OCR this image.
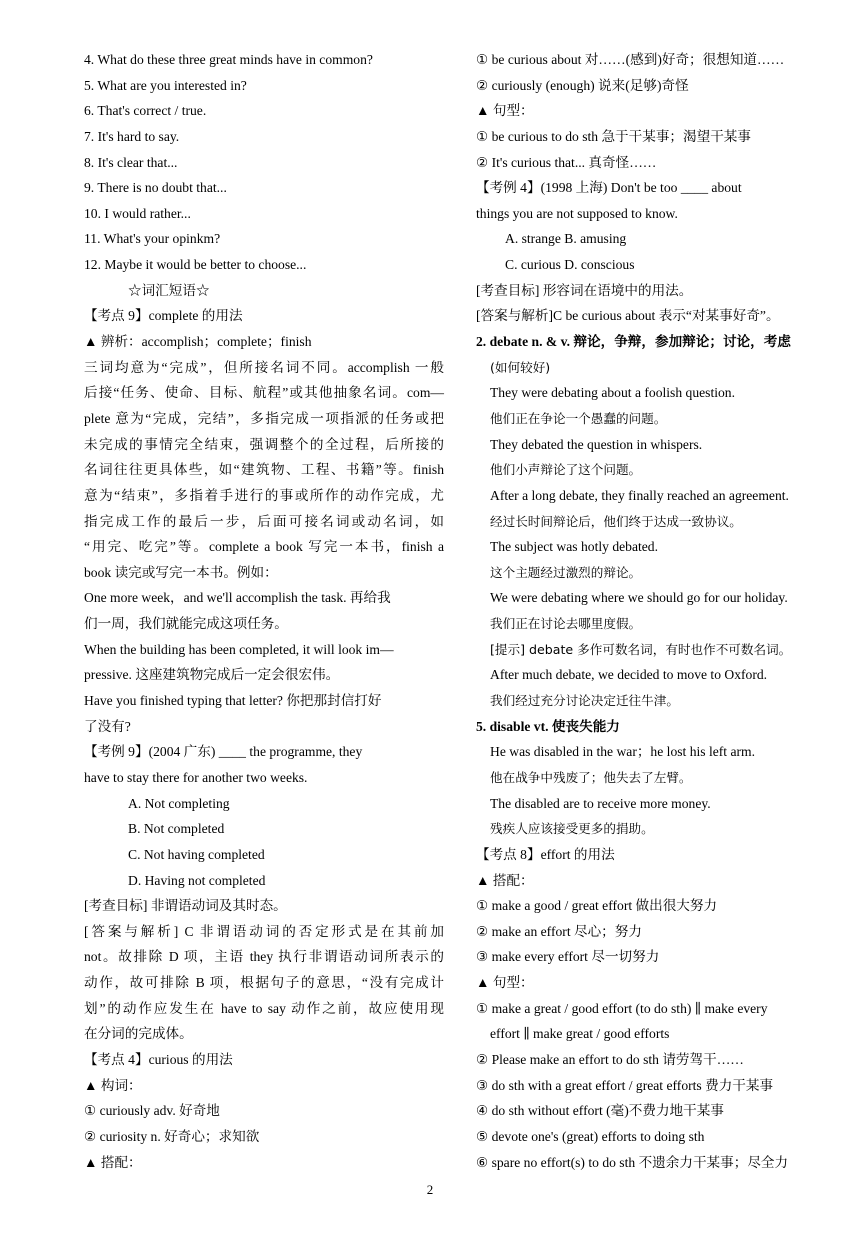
4. What do these three great minds have in common?
5. What are you interested in?
6. That's correct / true.
7. It's hard to say.
8. It's clear that...
9. There is no doubt that...
10. I would rather...
11. What's your opinkm?
12. Maybe it would be better to choose...
☆词汇短语☆
【考点 9】complete 的用法
▲ 辨析：accomplish；complete；finish
三词均意为“完成”，但所接名词不同。accomplish 一般
后接“任务、使命、目标、航程”或其他抽象名词。com—
plete 意为“完成，完结”，多指完成一项指派的任务或把
未完成的事情完全结束，强调整个的全过程，后所接的
名词往往更具体些，如“建筑物、工程、书籍”等。finish
意为“结束”，多指着手进行的事或所作的动作完成，尤
指完成工作的最后一步，后面可接名词或动名词，如
“用完、吃完”等。complete a book 写完一本书，finish a
book 读完或写完一本书。例如：
One more week，and we'll accomplish the task. 再给我
们一周，我们就能完成这项任务。
When the building has been completed, it will look im—
pressive. 这座建筑物完成后一定会很宏伟。
Have you finished typing that letter? 你把那封信打好
了没有?
【考例 9】(2004 广东) ____ the programme, they
have to stay there for another two weeks.
A. Not completing
B. Not completed
C. Not having completed
D. Having not completed
[考查目标] 非谓语动词及其时态。
[答案与解析] C 非谓语动词的否定形式是在其前加
not。故排除 D 项，主语 they 执行非谓语动词所表示的
动作，故可排除 B 项，根据句子的意思，“没有完成计
划”的动作应发生在 have to say 动作之前，故应使用现
在分词的完成体。
【考点 4】curious 的用法
▲ 构词：
① curiously adv. 好奇地
② curiosity n. 好奇心；求知欲
▲ 搭配：
① be curious about 对……(感到)好奇；很想知道……
② curiously (enough) 说来(足够)奇怪
▲ 句型：
① be curious to do sth 急于干某事；渴望干某事
② It's curious that... 真奇怪……
【考例 4】(1998 上海) Don't be too ____ about
things you are not supposed to know.
A. strange B. amusing
C. curious D. conscious
[考查目标] 形容词在语境中的用法。
[答案与解析]C be curious about 表示“对某事好奇”。
2. debate n. & v. 辩论，争辩，参加辩论；讨论，考虑
(如何较好)
They were debating about a foolish question.
他们正在争论一个愚蠢的问题。
They debated the question in whispers.
他们小声辩论了这个问题。
After a long debate, they finally reached an agreement.
经过长时间辩论后，他们终于达成一致协议。
The subject was hotly debated.
这个主题经过激烈的辩论。
We were debating where we should go for our holiday.
我们正在讨论去哪里度假。
[提示] debate 多作可数名词，有时也作不可数名词。
After much debate, we decided to move to Oxford.
我们经过充分讨论决定迁往牛津。
5. disable vt. 使丧失能力
He was disabled in the war；he lost his left arm.
他在战争中残废了；他失去了左臂。
The disabled are to receive more money.
残疾人应该接受更多的捐助。
【考点 8】effort 的用法
▲ 搭配：
① make a good / great effort 做出很大努力
② make an effort 尽心；努力
③ make every effort 尽一切努力
▲ 句型：
① make a great / good effort (to do sth) ∥ make every
effort ∥ make great / good efforts
② Please make an effort to do sth 请劳驾干……
③ do sth with a great effort / great efforts 费力干某事
④ do sth without effort (毫)不费力地干某事
⑤ devote one's (great) efforts to doing sth
⑥ spare no effort(s) to do sth 不遗余力干某事；尽全力
2
